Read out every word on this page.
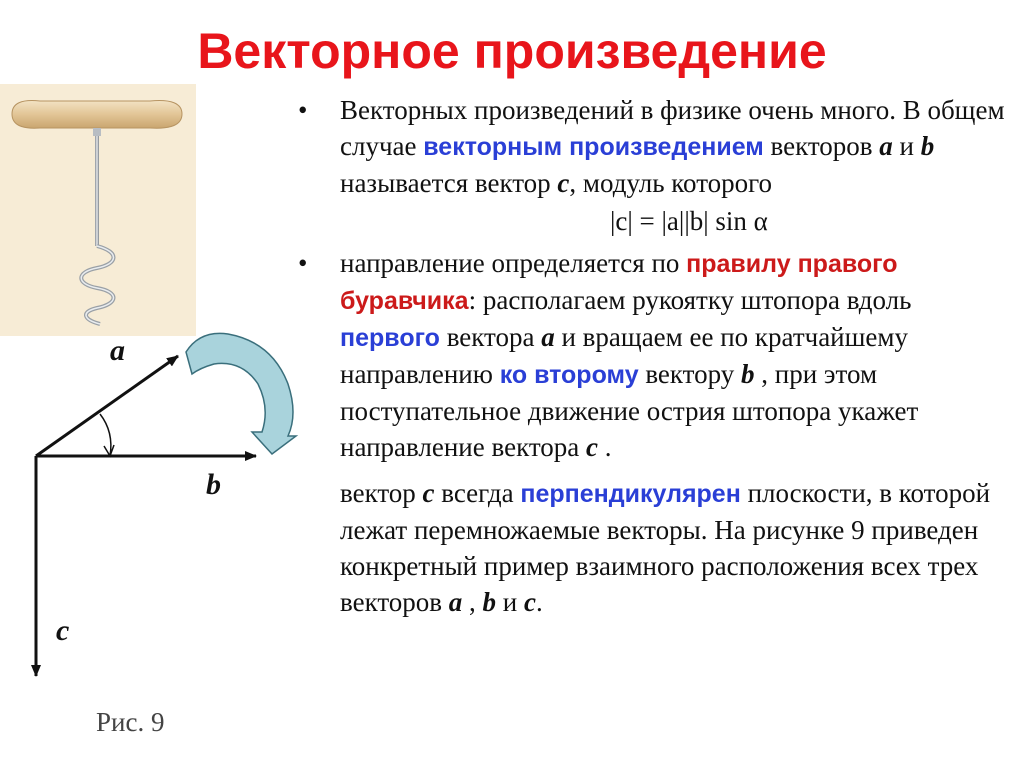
Векторное произведение
a
b
c
Рис. 9
• Векторных произведений в физике очень много. В общем случае векторным произведением векторов a и b называется вектор c, модуль которого
|c| = |a||b| sin α
• направление определяется по правилу правого буравчика: располагаем рукоятку штопора вдоль первого вектора a и вращаем ее по кратчайшему направлению ко второму вектору b , при этом поступательное движение острия штопора укажет направление вектора c .
вектор c всегда перпендикулярен плоскости, в которой лежат перемножаемые векторы. На рисунке 9 приведен конкретный пример взаимного расположения всех трех векторов a , b и c.
